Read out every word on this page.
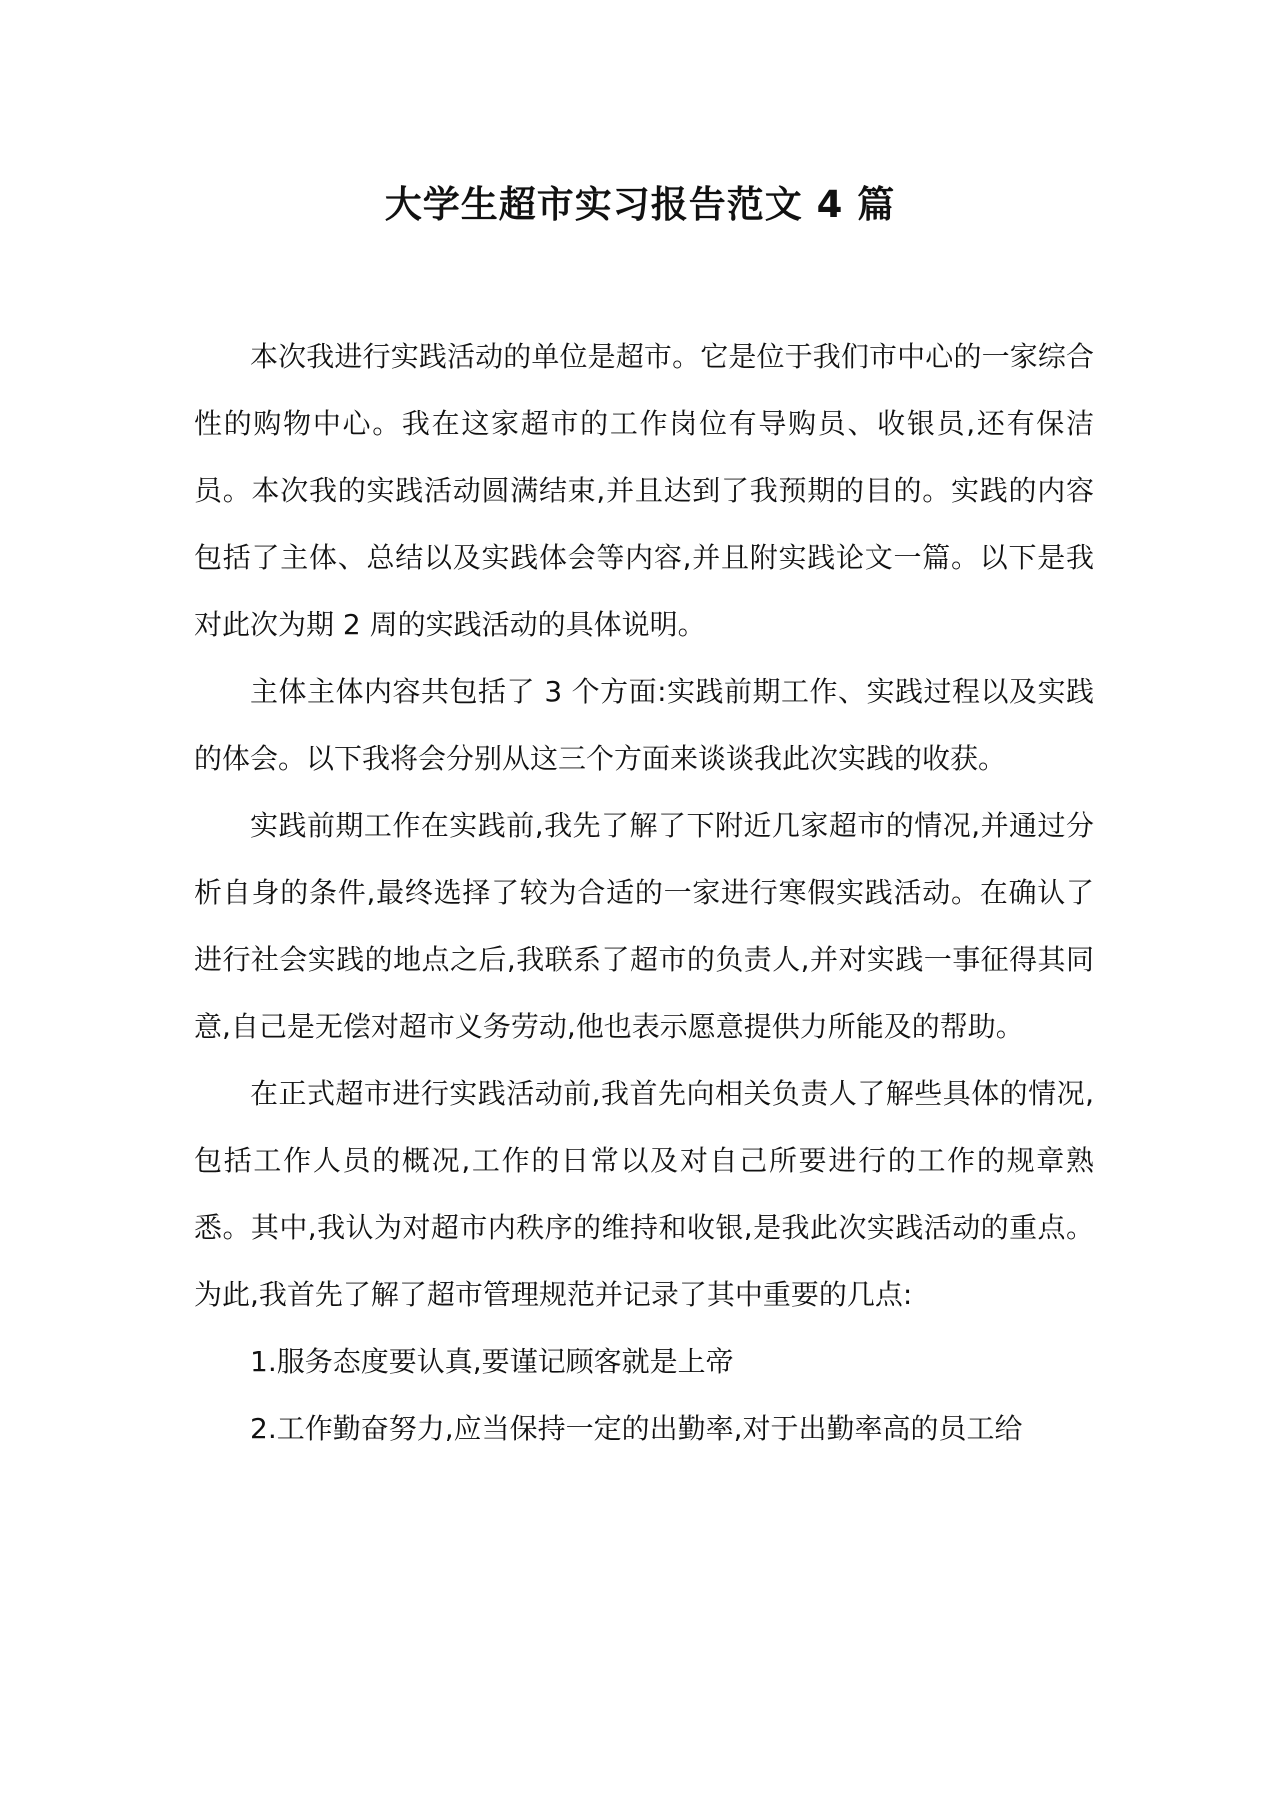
大学生超市实习报告范文 4 篇

本次我进行实践活动的单位是超市。它是位于我们市中心的一家综合性的购物中心。我在这家超市的工作岗位有导购员、收银员,还有保洁员。本次我的实践活动圆满结束,并且达到了我预期的目的。实践的内容包括了主体、总结以及实践体会等内容,并且附实践论文一篇。以下是我对此次为期 2 周的实践活动的具体说明。

主体主体内容共包括了 3 个方面:实践前期工作、实践过程以及实践的体会。以下我将会分别从这三个方面来谈谈我此次实践的收获。

实践前期工作在实践前,我先了解了下附近几家超市的情况,并通过分析自身的条件,最终选择了较为合适的一家进行寒假实践活动。在确认了进行社会实践的地点之后,我联系了超市的负责人,并对实践一事征得其同意,自己是无偿对超市义务劳动,他也表示愿意提供力所能及的帮助。

在正式超市进行实践活动前,我首先向相关负责人了解些具体的情况,包括工作人员的概况,工作的日常以及对自己所要进行的工作的规章熟悉。其中,我认为对超市内秩序的维持和收银,是我此次实践活动的重点。为此,我首先了解了超市管理规范并记录了其中重要的几点:

1.服务态度要认真,要谨记顾客就是上帝

2.工作勤奋努力,应当保持一定的出勤率,对于出勤率高的员工给
